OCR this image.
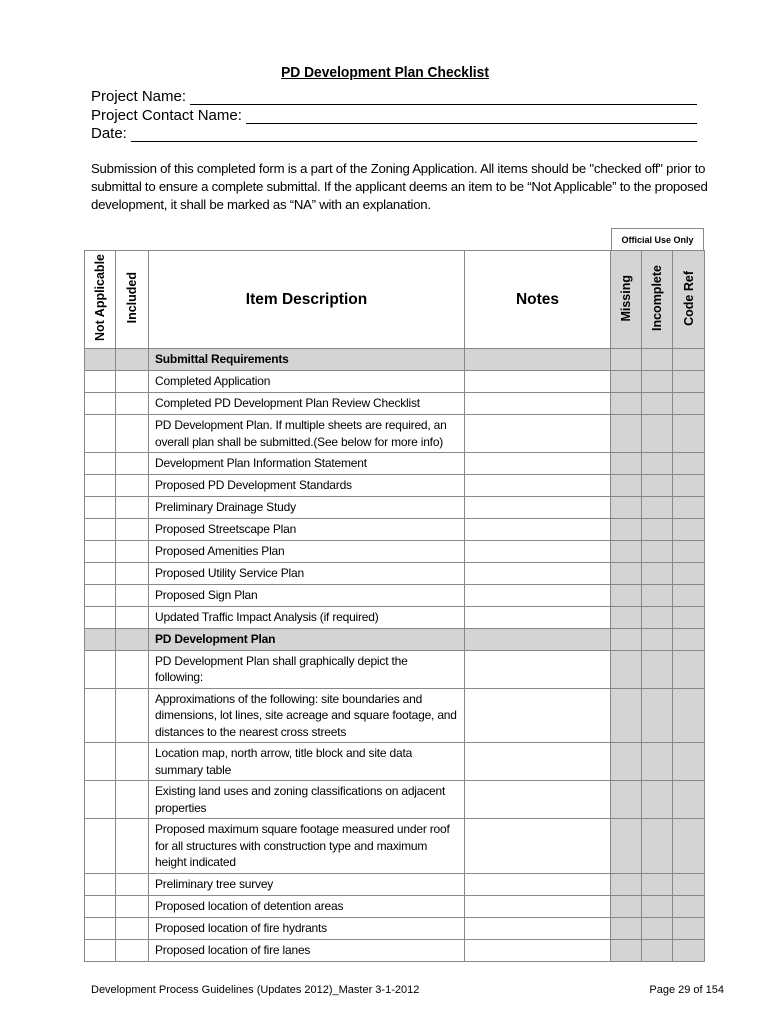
PD Development Plan Checklist
Project Name:
Project Contact Name:
Date:
Submission of this completed form is a part of the Zoning Application. All items should be "checked off" prior to submittal to ensure a complete submittal. If the applicant deems an item to be “Not Applicable” to the proposed development, it shall be marked as “NA” with an explanation.
Official Use Only
Not Applicable	Included	Item Description	Notes	Missing	Incomplete	Code Ref
		Submittal Requirements				
		Completed Application				
		Completed PD Development Plan Review Checklist				
		PD Development Plan. If multiple sheets are required, an overall plan shall be submitted.(See below for more info)				
		Development Plan Information Statement				
		Proposed PD Development Standards				
		Preliminary Drainage Study				
		Proposed Streetscape Plan				
		Proposed Amenities Plan				
		Proposed Utility Service Plan				
		Proposed Sign Plan				
		Updated Traffic Impact Analysis (if required)				
		PD Development Plan				
		PD Development Plan shall graphically depict the following:				
		Approximations of the following: site boundaries and dimensions, lot lines, site acreage and square footage, and distances to the nearest cross streets				
		Location map, north arrow, title block and site data summary table				
		Existing land uses and zoning classifications on adjacent properties				
		Proposed maximum square footage measured under roof for all structures with construction type and maximum height indicated				
		Preliminary tree survey				
		Proposed location of detention areas				
		Proposed location of fire hydrants				
		Proposed location of fire lanes				
Development Process Guidelines (Updates 2012)_Master 3-1-2012	Page 29 of 154
